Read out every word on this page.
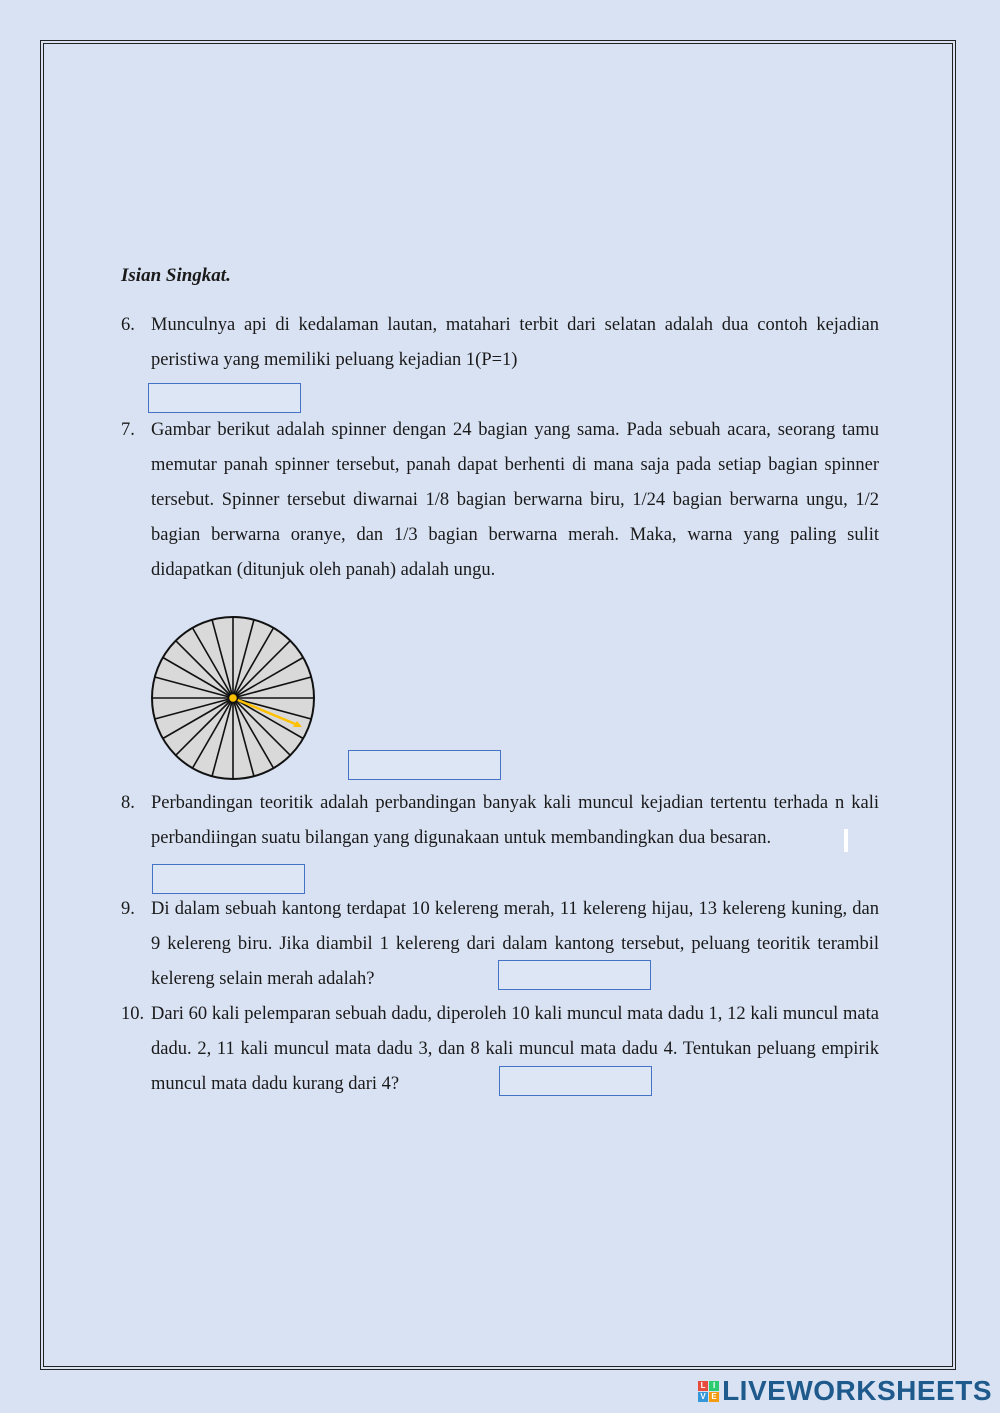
Isian Singkat.
6. Munculnya api di kedalaman lautan, matahari terbit dari selatan adalah dua contoh kejadian peristiwa yang memiliki peluang kejadian 1(P=1)
7. Gambar berikut adalah spinner dengan 24 bagian yang sama. Pada sebuah acara, seorang tamu memutar panah spinner tersebut, panah dapat berhenti di mana saja pada setiap bagian spinner tersebut. Spinner tersebut diwarnai 1/8 bagian berwarna biru, 1/24 bagian berwarna ungu, 1/2 bagian berwarna oranye, dan 1/3 bagian berwarna merah. Maka, warna yang paling sulit didapatkan (ditunjuk oleh panah) adalah ungu.
8. Perbandingan teoritik adalah perbandingan banyak kali muncul kejadian tertentu terhada n kali perbandiingan suatu bilangan yang digunakaan untuk membandingkan dua besaran.
9. Di dalam sebuah kantong terdapat 10 kelereng merah, 11 kelereng hijau, 13 kelereng kuning, dan 9 kelereng biru. Jika diambil 1 kelereng dari dalam kantong tersebut, peluang teoritik terambil kelereng selain merah adalah?
10. Dari 60 kali pelemparan sebuah dadu, diperoleh 10 kali muncul mata dadu 1, 12 kali muncul mata dadu. 2, 11 kali muncul mata dadu 3, dan 8 kali muncul mata dadu 4. Tentukan peluang empirik muncul mata dadu kurang dari 4?
L I
V E LIVEWORKSHEETS
